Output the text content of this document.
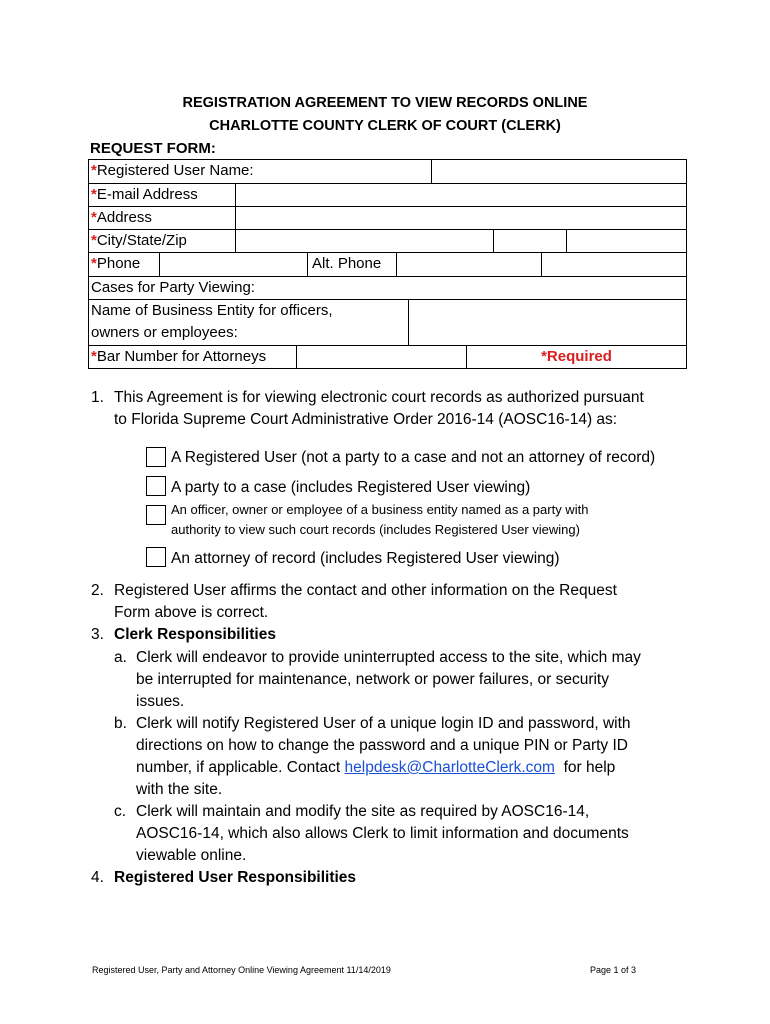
REGISTRATION AGREEMENT TO VIEW RECORDS ONLINE
CHARLOTTE COUNTY CLERK OF COURT (CLERK)
REQUEST FORM:
*Registered User Name:
*E-mail Address
*Address
*City/State/Zip
*Phone	Alt. Phone
Cases for Party Viewing:
Name of Business Entity for officers,
owners or employees:
*Bar Number for Attorneys	*Required
1. This Agreement is for viewing electronic court records as authorized pursuant
to Florida Supreme Court Administrative Order 2016-14 (AOSC16-14) as:
A Registered User (not a party to a case and not an attorney of record)
A party to a case (includes Registered User viewing)
An officer, owner or employee of a business entity named as a party with
authority to view such court records (includes Registered User viewing)
An attorney of record (includes Registered User viewing)
2. Registered User affirms the contact and other information on the Request
Form above is correct.
3. Clerk Responsibilities
a. Clerk will endeavor to provide uninterrupted access to the site, which may
be interrupted for maintenance, network or power failures, or security
issues.
b. Clerk will notify Registered User of a unique login ID and password, with
directions on how to change the password and a unique PIN or Party ID
number, if applicable. Contact helpdesk@CharlotteClerk.com  for help
with the site.
c. Clerk will maintain and modify the site as required by AOSC16-14,
AOSC16-14, which also allows Clerk to limit information and documents
viewable online.
4. Registered User Responsibilities
Registered User, Party and Attorney Online Viewing Agreement 11/14/2019	Page 1 of 3
